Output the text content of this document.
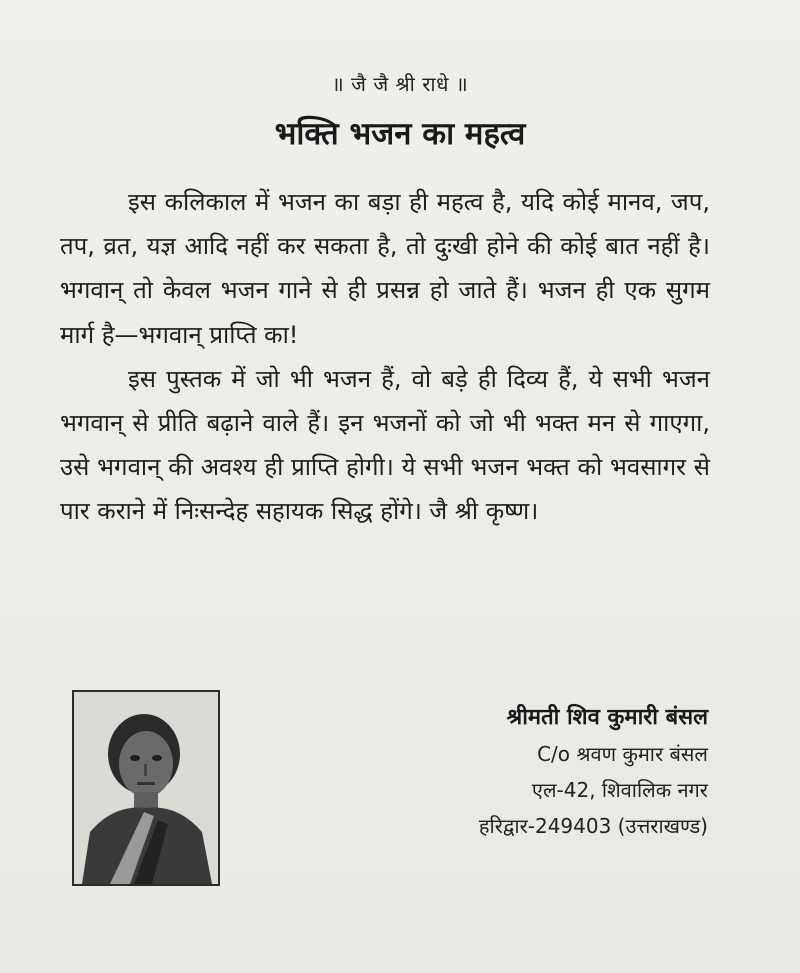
॥ जै जै श्री राधे ॥
भक्ति भजन का महत्व

इस कलिकाल में भजन का बड़ा ही महत्व है, यदि कोई मानव, जप, तप, व्रत, यज्ञ आदि नहीं कर सकता है, तो दुःखी होने की कोई बात नहीं है। भगवान् तो केवल भजन गाने से ही प्रसन्न हो जाते हैं। भजन ही एक सुगम मार्ग है—भगवान् प्राप्ति का!

इस पुस्तक में जो भी भजन हैं, वो बड़े ही दिव्य हैं, ये सभी भजन भगवान् से प्रीति बढ़ाने वाले हैं। इन भजनों को जो भी भक्त मन से गाएगा, उसे भगवान् की अवश्य ही प्राप्ति होगी। ये सभी भजन भक्त को भवसागर से पार कराने में निःसन्देह सहायक सिद्ध होंगे। जै श्री कृष्ण।

श्रीमती शिव कुमारी बंसल
C/o श्रवण कुमार बंसल
एल-42, शिवालिक नगर
हरिद्वार-249403 (उत्तराखण्ड)
